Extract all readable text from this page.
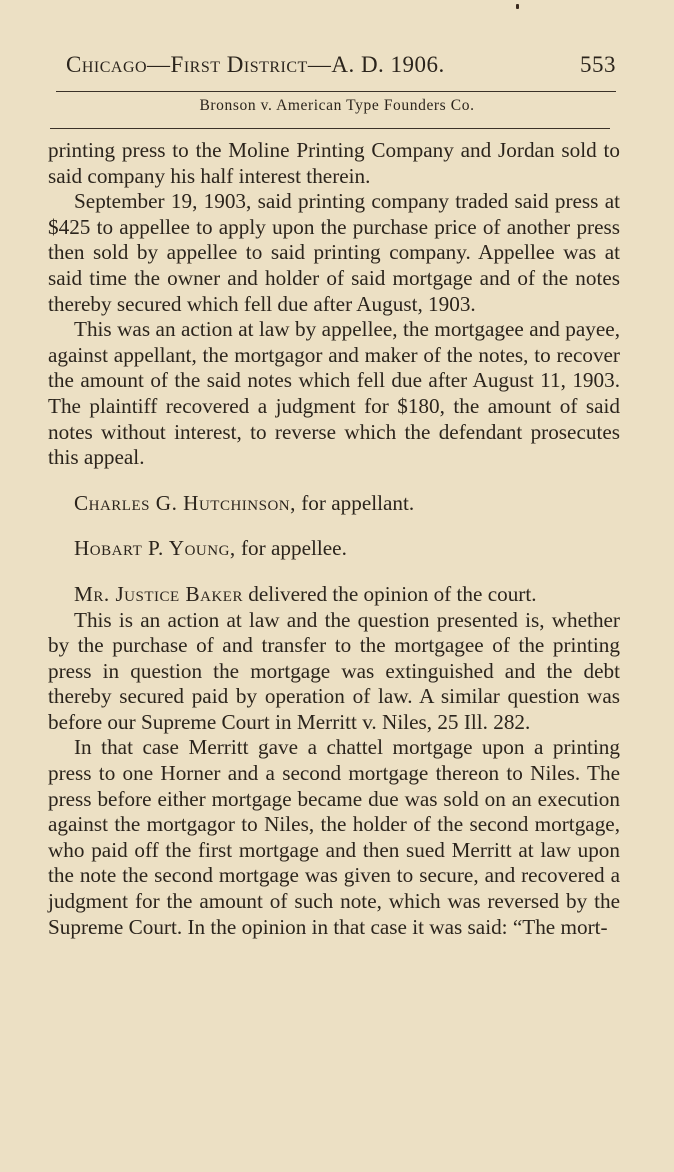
Chicago—First District—A. D. 1906.	553
Bronson v. American Type Founders Co.

printing press to the Moline Printing Company and Jordan sold to said company his half interest therein.

September 19, 1903, said printing company traded said press at $425 to appellee to apply upon the purchase price of another press then sold by appellee to said printing company. Appellee was at said time the owner and holder of said mortgage and of the notes thereby secured which fell due after August, 1903.

This was an action at law by appellee, the mortgagee and payee, against appellant, the mortgagor and maker of the notes, to recover the amount of the said notes which fell due after August 11, 1903. The plaintiff recovered a judgment for $180, the amount of said notes without interest, to reverse which the defendant prosecutes this appeal.

Charles G. Hutchinson, for appellant.

Hobart P. Young, for appellee.

Mr. Justice Baker delivered the opinion of the court.

This is an action at law and the question presented is, whether by the purchase of and transfer to the mortgagee of the printing press in question the mortgage was extinguished and the debt thereby secured paid by operation of law. A similar question was before our Supreme Court in Merritt v. Niles, 25 Ill. 282.

In that case Merritt gave a chattel mortgage upon a printing press to one Horner and a second mortgage thereon to Niles. The press before either mortgage became due was sold on an execution against the mortgagor to Niles, the holder of the second mortgage, who paid off the first mortgage and then sued Merritt at law upon the note the second mortgage was given to secure, and recovered a judgment for the amount of such note, which was reversed by the Supreme Court. In the opinion in that case it was said: “The mort-
